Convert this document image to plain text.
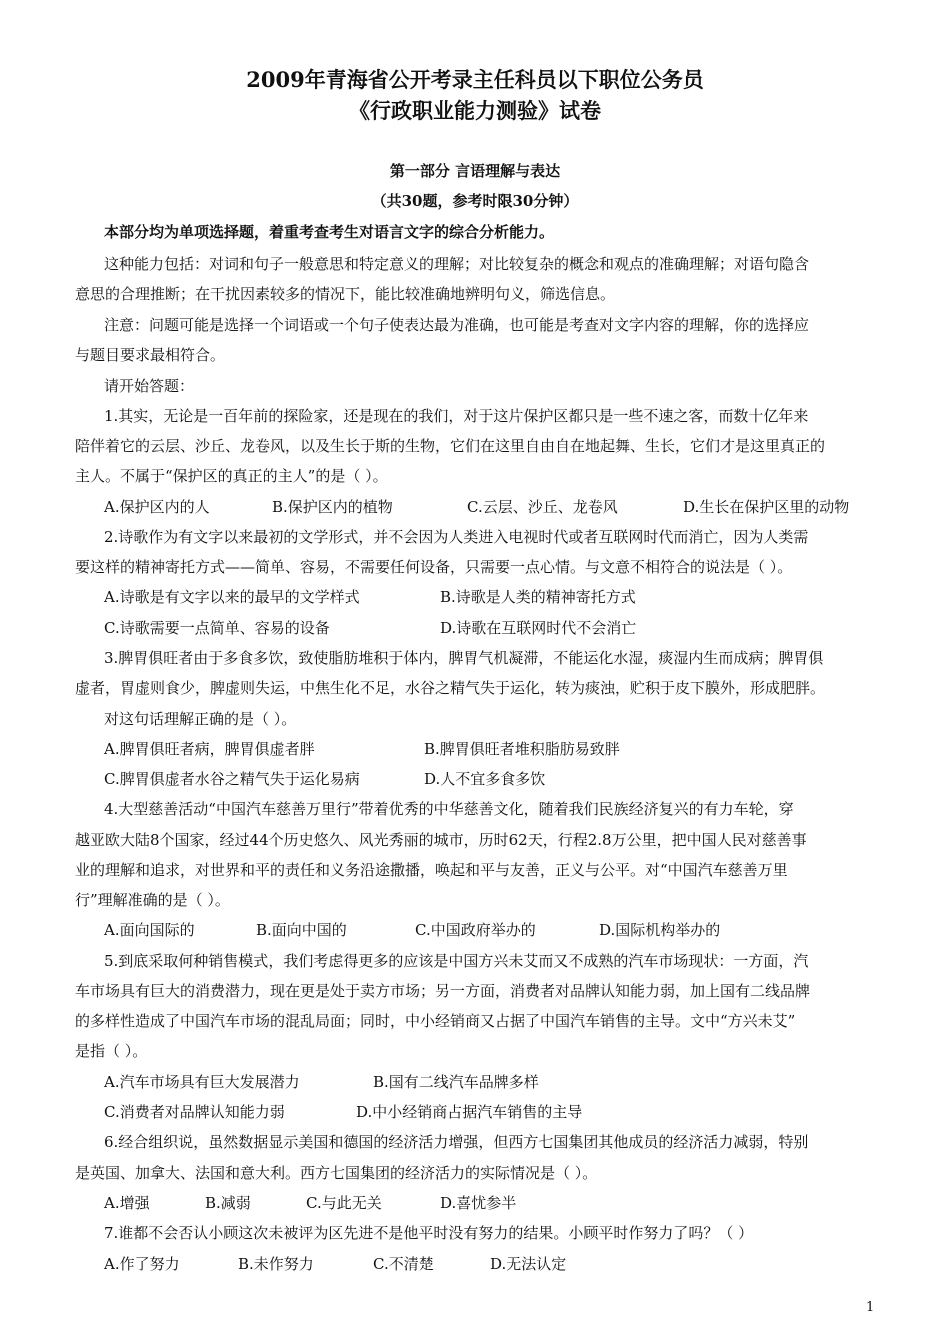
2009年青海省公开考录主任科员以下职位公务员
《行政职业能力测验》试卷
第一部分 言语理解与表达
（共30题，参考时限30分钟）
本部分均为单项选择题，着重考查考生对语言文字的综合分析能力。
这种能力包括：对词和句子一般意思和特定意义的理解；对比较复杂的概念和观点的准确理解；对语句隐含
意思的合理推断；在干扰因素较多的情况下，能比较准确地辨明句义，筛选信息。
注意：问题可能是选择一个词语或一个句子使表达最为准确，也可能是考查对文字内容的理解，你的选择应
与题目要求最相符合。
请开始答题：
1.其实，无论是一百年前的探险家，还是现在的我们，对于这片保护区都只是一些不速之客，而数十亿年来
陪伴着它的云层、沙丘、龙卷风，以及生长于斯的生物，它们在这里自由自在地起舞、生长，它们才是这里真正的
主人。不属于“保护区的真正的主人”的是（ ）。
A.保护区内的人	B.保护区内的植物	C.云层、沙丘、龙卷风	D.生长在保护区里的动物
2.诗歌作为有文字以来最初的文学形式，并不会因为人类进入电视时代或者互联网时代而消亡，因为人类需
要这样的精神寄托方式——简单、容易，不需要任何设备，只需要一点心情。与文意不相符合的说法是（ ）。
A.诗歌是有文字以来的最早的文学样式	B.诗歌是人类的精神寄托方式
C.诗歌需要一点简单、容易的设备	D.诗歌在互联网时代不会消亡
3.脾胃俱旺者由于多食多饮，致使脂肪堆积于体内，脾胃气机凝滞，不能运化水湿，痰湿内生而成病；脾胃俱
虚者，胃虚则食少，脾虚则失运，中焦生化不足，水谷之精气失于运化，转为痰浊，贮积于皮下膜外，形成肥胖。
对这句话理解正确的是（ ）。
A.脾胃俱旺者病，脾胃俱虚者胖	B.脾胃俱旺者堆积脂肪易致胖
C.脾胃俱虚者水谷之精气失于运化易病	D.人不宜多食多饮
4.大型慈善活动“中国汽车慈善万里行”带着优秀的中华慈善文化，随着我们民族经济复兴的有力车轮，穿
越亚欧大陆8个国家，经过44个历史悠久、风光秀丽的城市，历时62天，行程2.8万公里，把中国人民对慈善事
业的理解和追求，对世界和平的责任和义务沿途撒播，唤起和平与友善，正义与公平。对“中国汽车慈善万里
行”理解准确的是（ ）。
A.面向国际的	B.面向中国的	C.中国政府举办的	D.国际机构举办的
5.到底采取何种销售模式，我们考虑得更多的应该是中国方兴未艾而又不成熟的汽车市场现状：一方面，汽
车市场具有巨大的消费潜力，现在更是处于卖方市场；另一方面，消费者对品牌认知能力弱，加上国有二线品牌
的多样性造成了中国汽车市场的混乱局面；同时，中小经销商又占据了中国汽车销售的主导。文中“方兴未艾”
是指（ ）。
A.汽车市场具有巨大发展潜力	B.国有二线汽车品牌多样
C.消费者对品牌认知能力弱	D.中小经销商占据汽车销售的主导
6.经合组织说，虽然数据显示美国和德国的经济活力增强，但西方七国集团其他成员的经济活力减弱，特别
是英国、加拿大、法国和意大利。西方七国集团的经济活力的实际情况是（ ）。
A.增强	B.减弱	C.与此无关	D.喜忧参半
7.谁都不会否认小顾这次未被评为区先进不是他平时没有努力的结果。小顾平时作努力了吗？（ ）
A.作了努力	B.未作努力	C.不清楚	D.无法认定
1
